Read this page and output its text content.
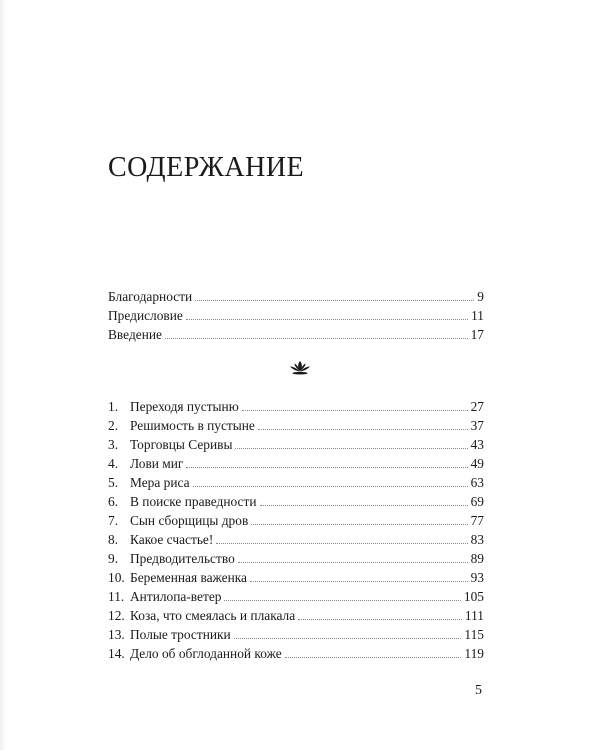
СОДЕРЖАНИЕ
Благодарности	9
Предисловие	11
Введение	17
1. Переходя пустыню	27
2. Решимость в пустыне	37
3. Торговцы Серивы	43
4. Лови миг	49
5. Мера риса	63
6. В поиске праведности	69
7. Сын сборщицы дров	77
8. Какое счастье!	83
9. Предводительство	89
10. Беременная важенка	93
11. Антилопа-ветер	105
12. Коза, что смеялась и плакала	111
13. Полые тростники	115
14. Дело об обглоданной коже	119
5
